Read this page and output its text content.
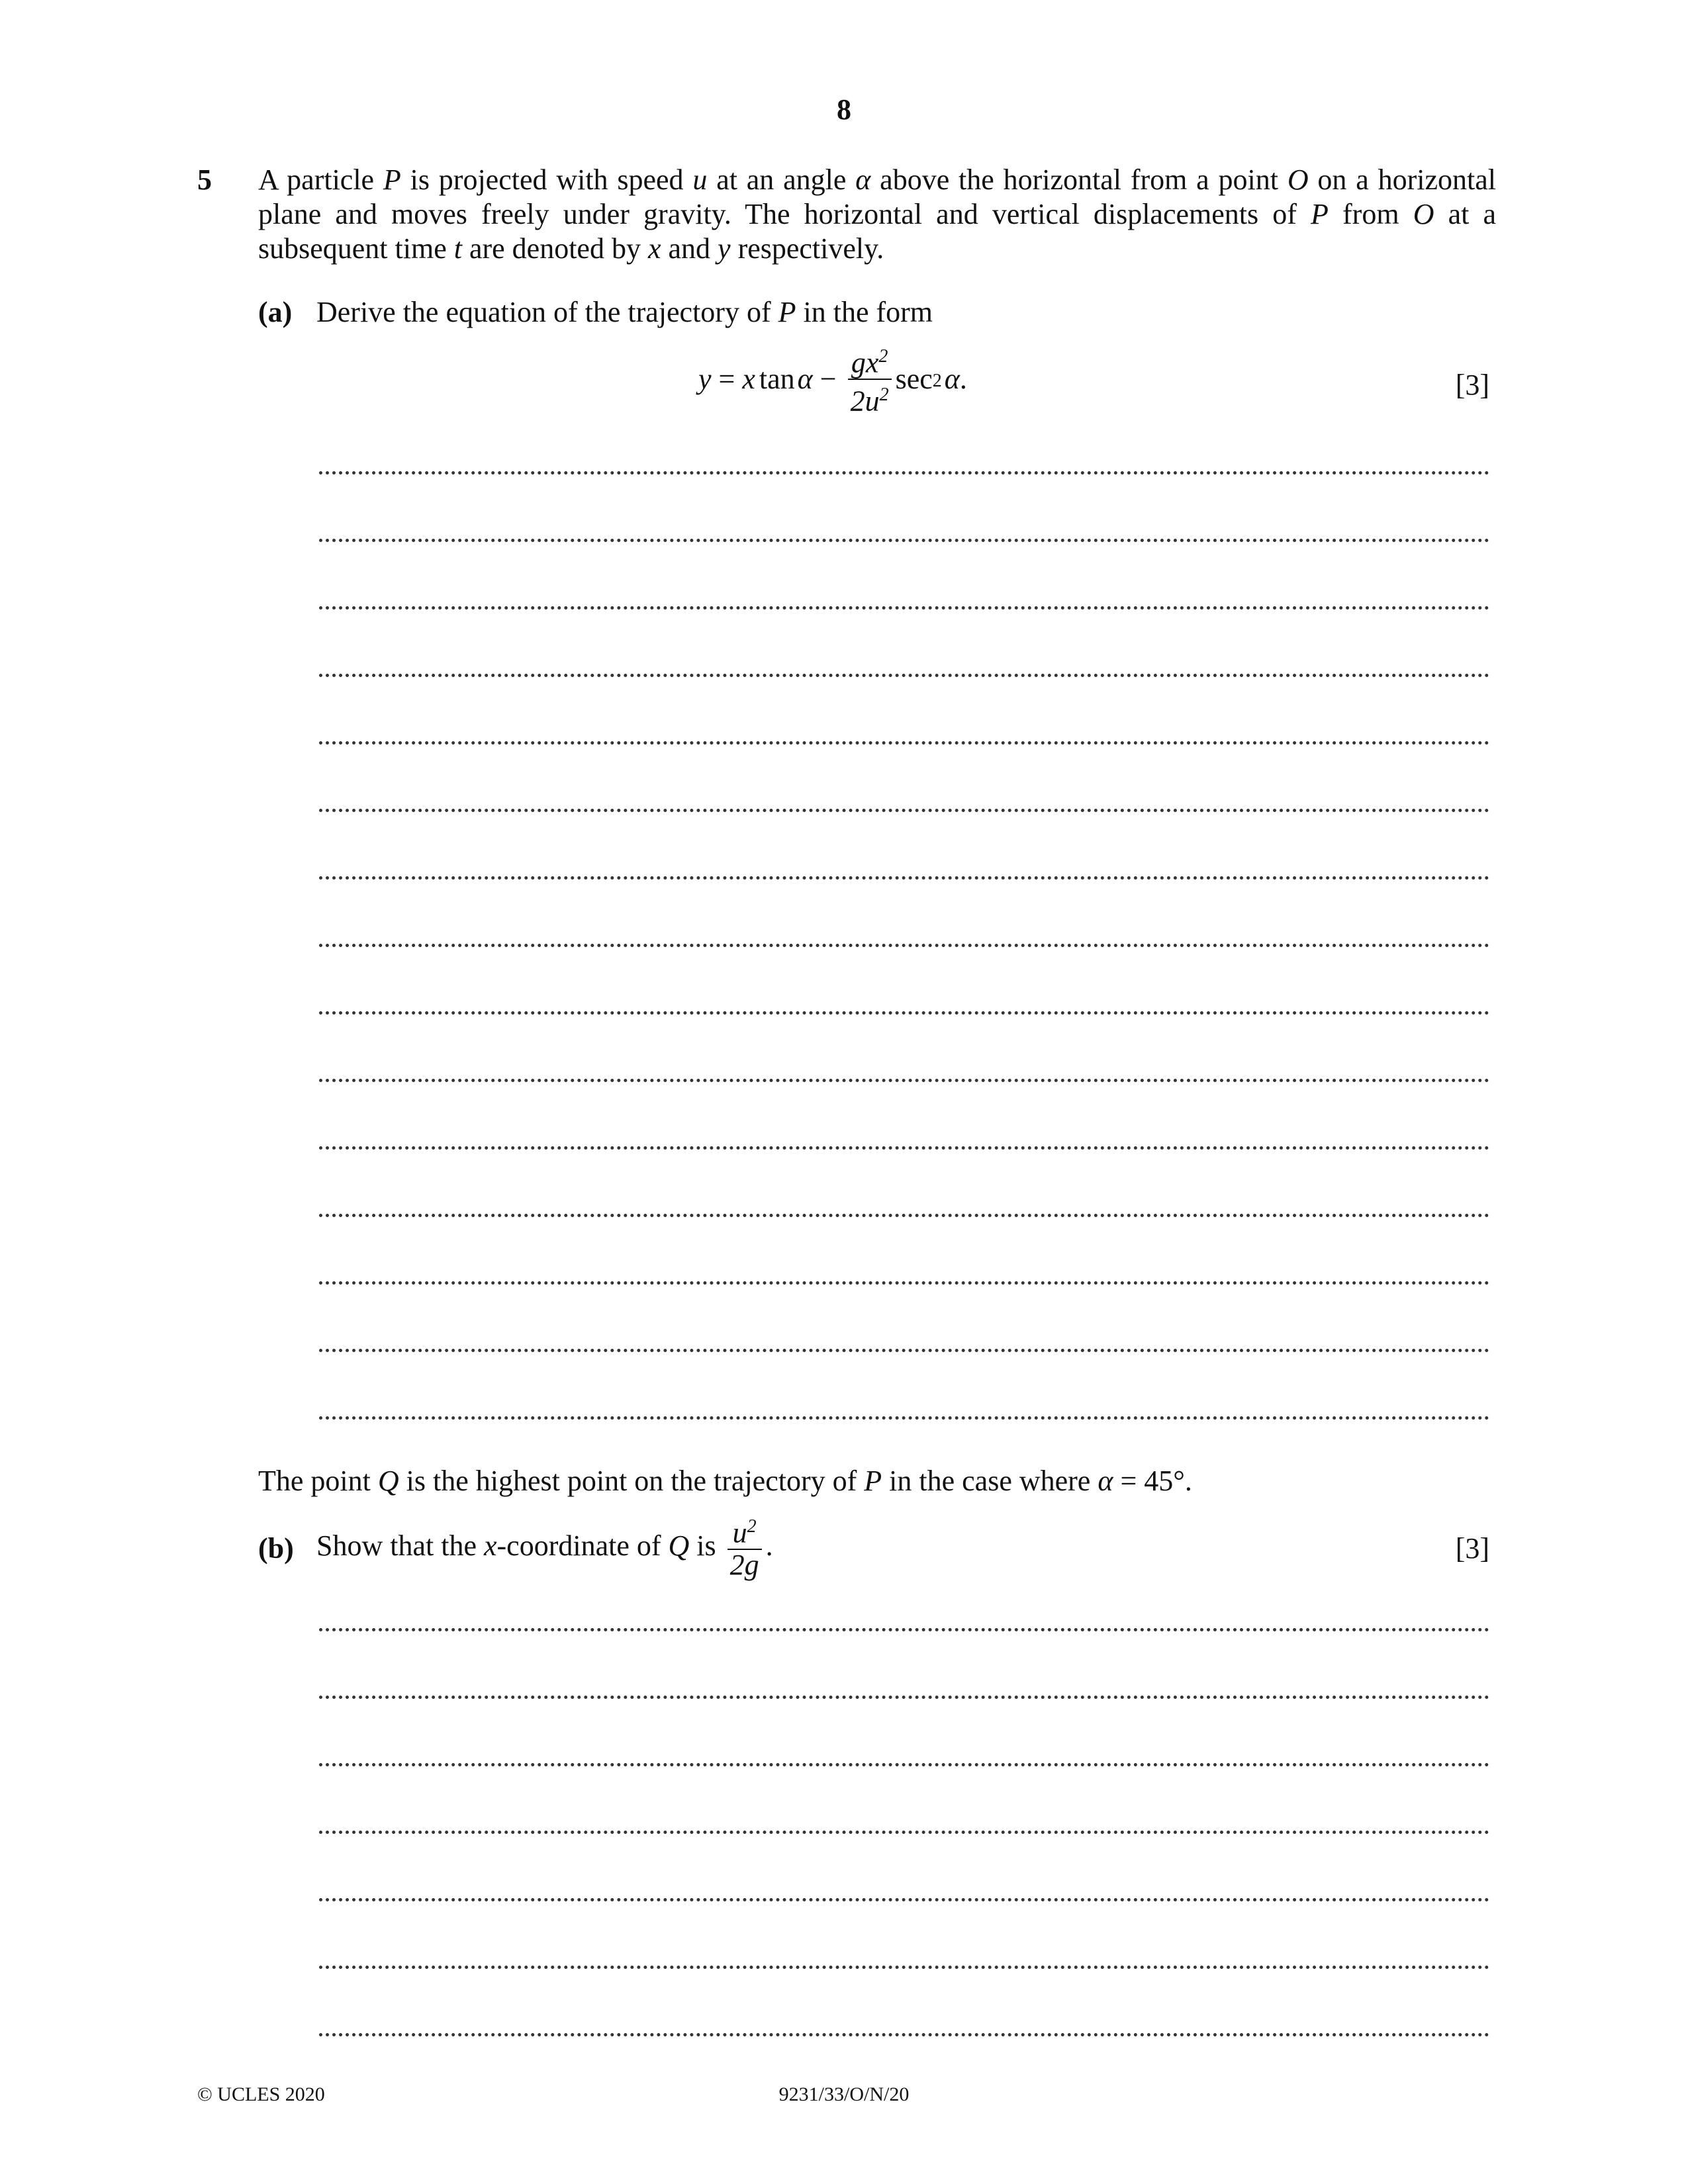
8
5 A particle P is projected with speed u at an angle α above the horizontal from a point O on a horizontal plane and moves freely under gravity. The horizontal and vertical displacements of P from O at a subsequent time t are denoted by x and y respectively.
(a) Derive the equation of the trajectory of P in the form
y = x $\tan \alpha - \frac{gx^2}{2u^2}$ sec 2 α .	[3]
The point Q is the highest point on the trajectory of P in the case where α = 45°.
(b) Show that the x -coordinate of Q is $\frac{u^2}{2g}$ .	[3]
© UCLES 2020	9231/33/O/N/20
